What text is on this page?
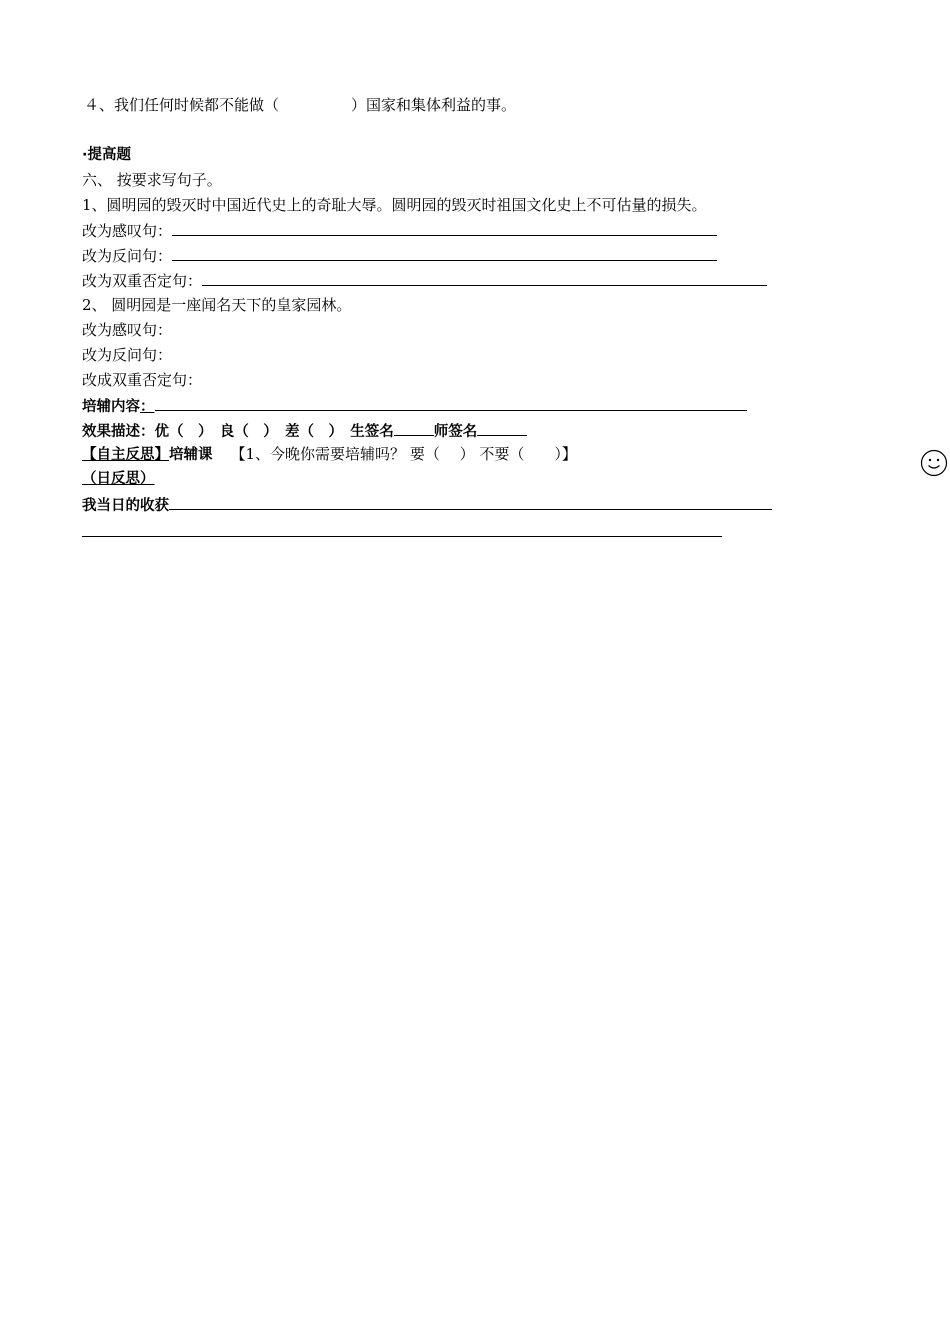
４、我们任何时候都不能做（	）国家和集体利益的事。
·提高题
六、 按要求写句子。
1、圆明园的毁灭时中国近代史上的奇耻大辱。圆明园的毁灭时祖国文化史上不可估量的损失。
改为感叹句：
改为反问句：
改为双重否定句：
2、 圆明园是一座闻名天下的皇家园林。
改为感叹句：
改为反问句：
改成双重否定句：
培辅内容：
效果描述：优（　）　良（　）　差（　）　生签名	师签名
【自主反思】培辅课 【1、今晚你需要培辅吗？ 要（　 ） 不要（　　）】
（日反思）
我当日的收获
